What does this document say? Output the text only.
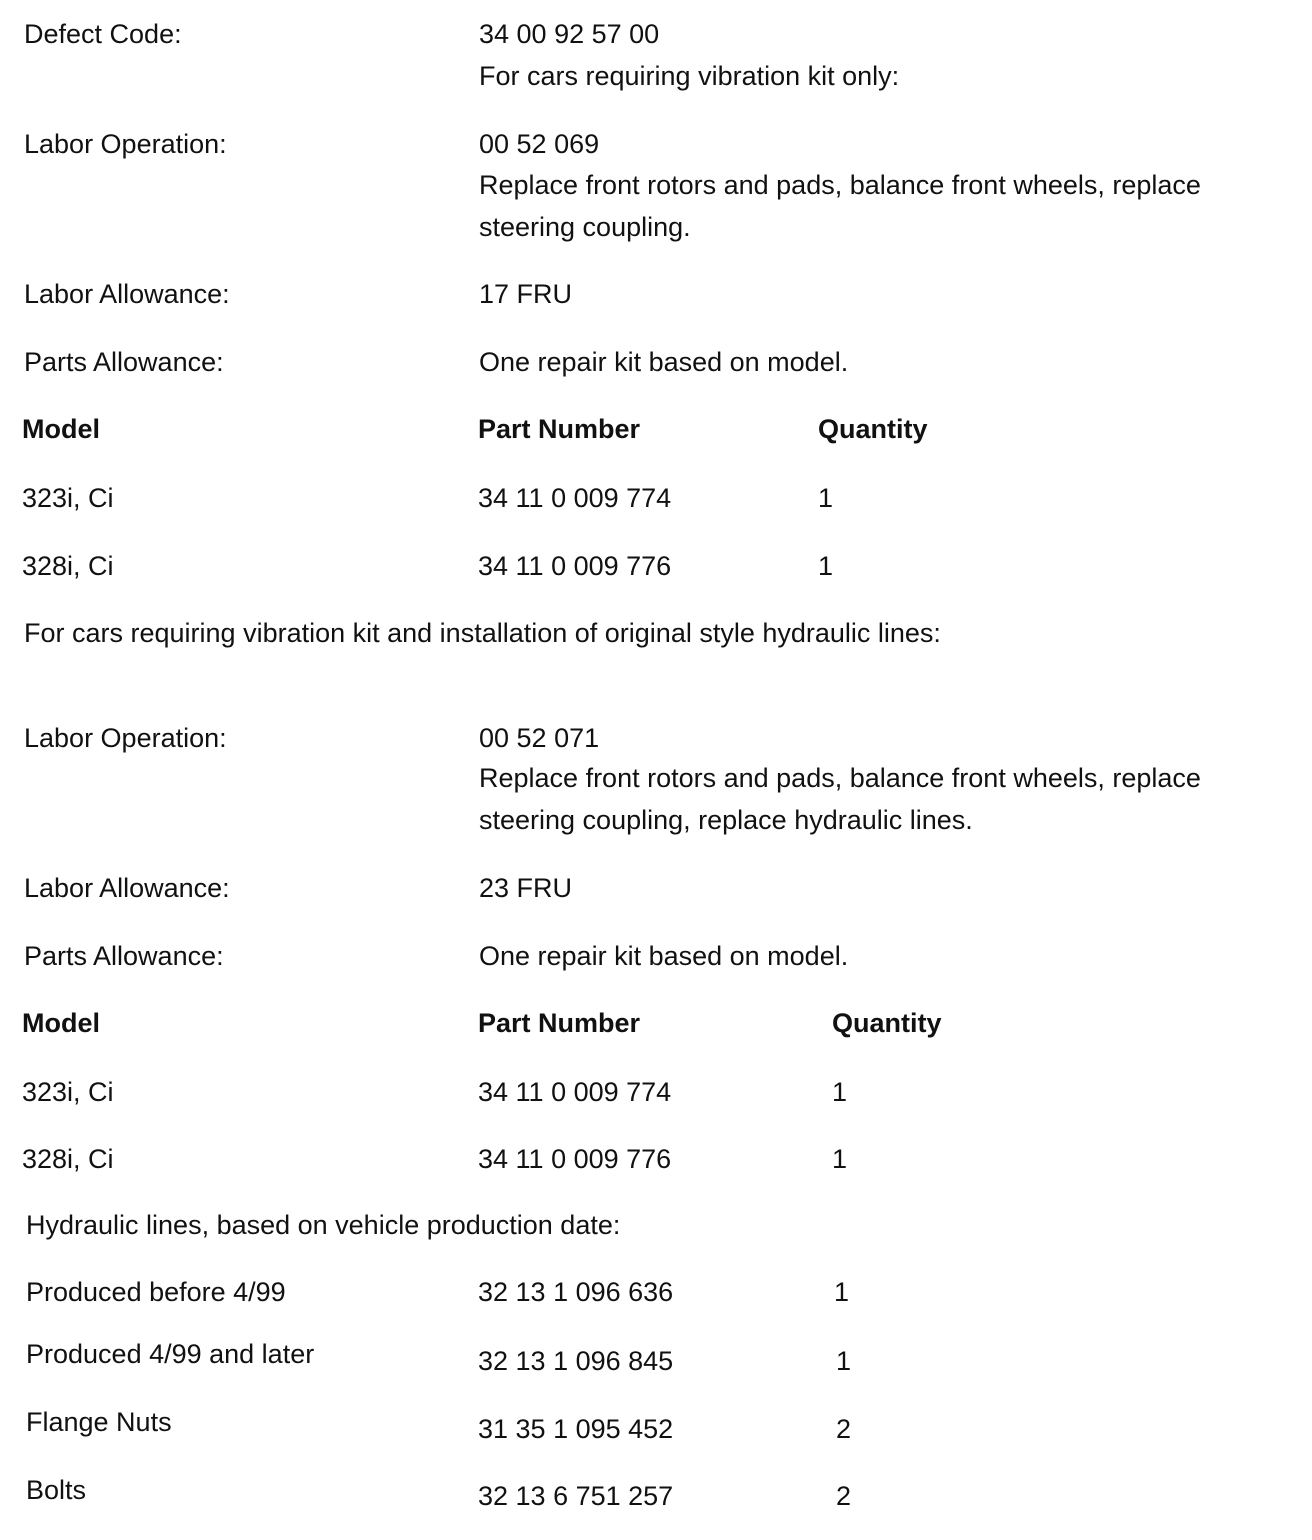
Defect Code:	34 00 92 57 00
For cars requiring vibration kit only:
Labor Operation:	00 52 069
Replace front rotors and pads, balance front wheels, replace
steering coupling.
Labor Allowance:	17 FRU
Parts Allowance:	One repair kit based on model.
Model	Part Number	Quantity
323i, Ci	34 11 0 009 774	1
328i, Ci	34 11 0 009 776	1
For cars requiring vibration kit and installation of original style hydraulic lines:
Labor Operation:	00 52 071
Replace front rotors and pads, balance front wheels, replace
steering coupling, replace hydraulic lines.
Labor Allowance:	23 FRU
Parts Allowance:	One repair kit based on model.
Model	Part Number	Quantity
323i, Ci	34 11 0 009 774	1
328i, Ci	34 11 0 009 776	1
Hydraulic lines, based on vehicle production date:
Produced before 4/99	32 13 1 096 636	1
Produced 4/99 and later	32 13 1 096 845	1
Flange Nuts	31 35 1 095 452	2
Bolts	32 13 6 751 257	2
